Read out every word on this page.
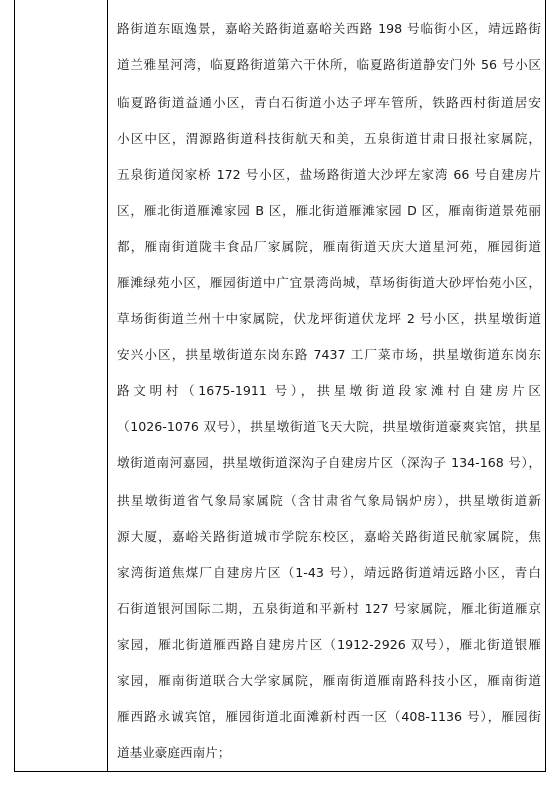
路街道东瓯逸景，嘉峪关路街道嘉峪关西路 198 号临街小区，靖远路街
道兰雅星河湾，临夏路街道第六干休所，临夏路街道静安门外 56 号小区
临夏路街道益通小区，青白石街道小达子坪车管所，铁路西村街道居安
小区中区，渭源路街道科技街航天和美，五泉街道甘肃日报社家属院，
五泉街道闵家桥 172 号小区，盐场路街道大沙坪左家湾 66 号自建房片
区，雁北街道雁滩家园 B 区，雁北街道雁滩家园 D 区，雁南街道景苑丽
都，雁南街道陇丰食品厂家属院，雁南街道天庆大道星河苑，雁园街道
雁滩绿苑小区，雁园街道中广宜景湾尚城，草场街街道大砂坪怡苑小区，
草场街街道兰州十中家属院，伏龙坪街道伏龙坪 2 号小区，拱星墩街道
安兴小区，拱星墩街道东岗东路 7437 工厂菜市场，拱星墩街道东岗东
路文明村（1675-1911 号），拱星墩街道段家滩村自建房片区
（1026-1076 双号），拱星墩街道飞天大院，拱星墩街道豪爽宾馆，拱星
墩街道南河嘉园，拱星墩街道深沟子自建房片区（深沟子 134-168 号），
拱星墩街道省气象局家属院（含甘肃省气象局锅炉房），拱星墩街道新
源大厦，嘉峪关路街道城市学院东校区，嘉峪关路街道民航家属院，焦
家湾街道焦煤厂自建房片区（1-43 号），靖远路街道靖远路小区，青白
石街道银河国际二期，五泉街道和平新村 127 号家属院，雁北街道雁京
家园，雁北街道雁西路自建房片区（1912-2926 双号），雁北街道银雁
家园，雁南街道联合大学家属院，雁南街道雁南路科技小区，雁南街道
雁西路永诚宾馆，雁园街道北面滩新村西一区（408-1136 号），雁园街
道基业豪庭西南片；
